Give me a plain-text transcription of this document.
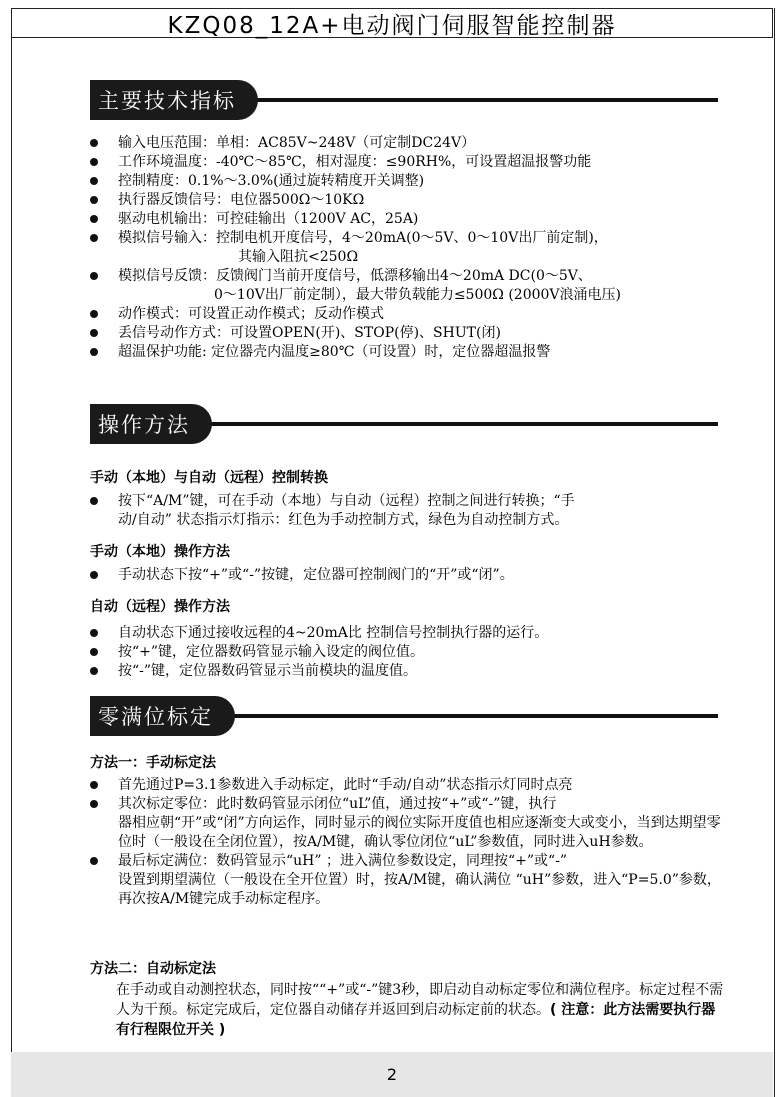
KZQ08_12A+电动阀门伺服智能控制器
主要技术指标
输入电压范围：单相：AC85V~248V（可定制DC24V）
工作环境温度：-40℃～85℃，相对湿度：≤90RH%，可设置超温报警功能
控制精度：0.1%～3.0%(通过旋转精度开关调整)
执行器反馈信号：电位器500Ω～10KΩ
驱动电机输出：可控硅输出（1200V AC，25A)
模拟信号输入：控制电机开度信号，4～20mA(0～5V、0～10V出厂前定制)，
其输入阻抗<250Ω
模拟信号反馈：反馈阀门当前开度信号，低漂移输出4～20mA DC(0～5V、
0～10V出厂前定制），最大带负载能力≤500Ω (2000V浪涌电压)
动作模式：可设置正动作模式；反动作模式
丢信号动作方式：可设置OPEN(开)、STOP(停)、SHUT(闭)
超温保护功能: 定位器壳内温度≥80℃（可设置）时，定位器超温报警
操作方法
手动（本地）与自动（远程）控制转换
按下“A/M”键，可在手动（本地）与自动（远程）控制之间进行转换；“手
动/自动” 状态指示灯指示：红色为手动控制方式，绿色为自动控制方式。
手动（本地）操作方法
手动状态下按“+”或“-”按键，定位器可控制阀门的“开”或“闭”。
自动（远程）操作方法
自动状态下通过接收远程的4~20mA比 控制信号控制执行器的运行。
按“+”键，定位器数码管显示输入设定的阀位值。
按“-”键，定位器数码管显示当前模块的温度值。
零满位标定
方法一：手动标定法
首先通过P=3.1参数进入手动标定，此时“手动/自动”状态指示灯同时点亮
其次标定零位：此时数码管显示闭位“uL”值，通过按“+”或“-”键，执行
器相应朝“开”或“闭”方向运作，同时显示的阀位实际开度值也相应逐渐变大或变小，当到达期望零位时（一般设在全闭位置），按A/M键，确认零位闭位“uL”参数值，同时进入uH参数。
最后标定满位：数码管显示“uH” ；进入满位参数设定，同理按“+”或“-”
设置到期望满位（一般设在全开位置）时，按A/M键，确认满位 “uH”参数，进入“P=5.0”参数，再次按A/M键完成手动标定程序。
方法二：自动标定法

在手动或自动测控状态，同时按““+”或“-”键3秒，即启动自动标定零位和满位程序。标定过程不需人为干预。标定完成后，定位器自动储存并返回到启动标定前的状态。( 注意：此方法需要执行器有行程限位开关 )

2
